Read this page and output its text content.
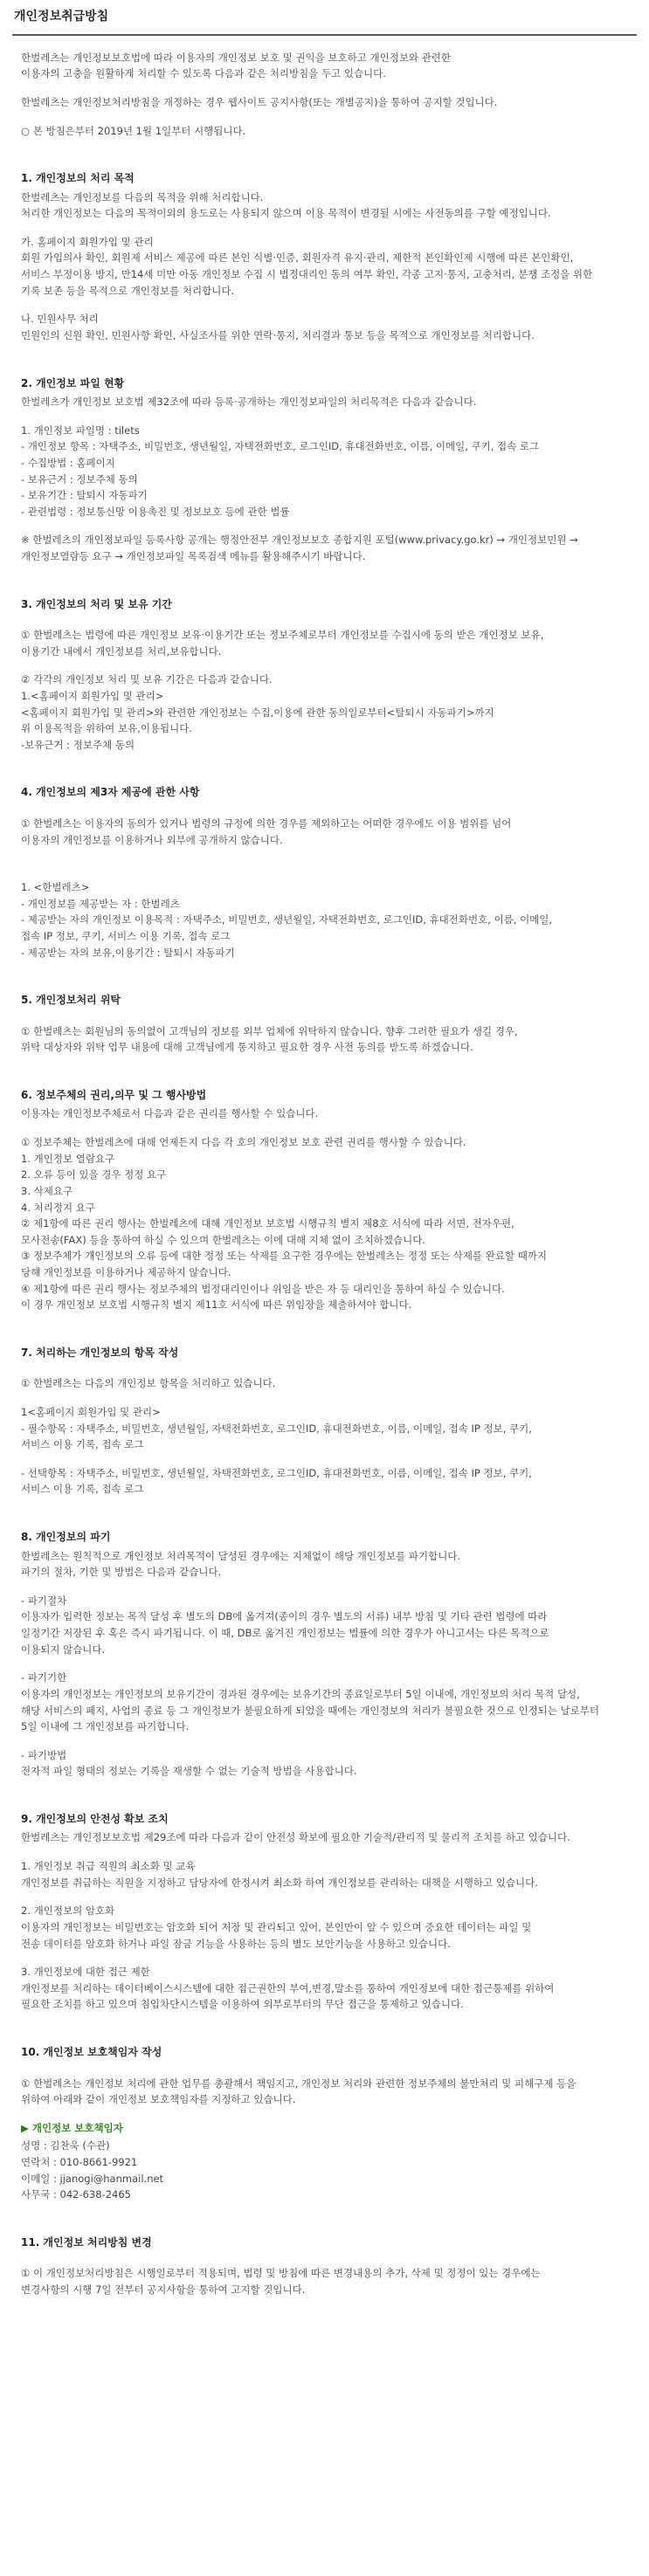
개인정보취급방침
한벌레츠는 개인정보보호법에 따라 이용자의 개인정보 보호 및 권익을 보호하고 개인정보와 관련한
이용자의 고충을 원활하게 처리할 수 있도록 다음과 같은 처리방침을 두고 있습니다.
한벌레츠는 개인정보처리방침을 개정하는 경우 웹사이트 공지사항(또는 개별공지)을 통하여 공지할 것입니다.
○ 본 방침은부터 2019년 1월 1일부터 시행됩니다.
1. 개인정보의 처리 목적
한벌레츠는 개인정보를 다음의 목적을 위해 처리합니다.
처리한 개인정보는 다음의 목적이외의 용도로는 사용되지 않으며 이용 목적이 변경될 시에는 사전동의를 구할 예정입니다.
가. 홈페이지 회원가입 및 관리
회원 가입의사 확인, 회원제 서비스 제공에 따른 본인 식별·인증, 회원자격 유지·관리, 제한적 본인확인제 시행에 따른 본인확인,
서비스 부정이용 방지, 만14세 미만 아동 개인정보 수집 시 법정대리인 동의 여부 확인, 각종 고지·통지, 고충처리, 분쟁 조정을 위한
기록 보존 등을 목적으로 개인정보를 처리합니다.
나. 민원사무 처리
민원인의 신원 확인, 민원사항 확인, 사실조사를 위한 연락·통지, 처리결과 통보 등을 목적으로 개인정보를 처리합니다.
2. 개인정보 파일 현황
한벌레츠가 개인정보 보호법 제32조에 따라 등록·공개하는 개인정보파일의 처리목적은 다음과 같습니다.
1. 개인정보 파일명 : tilets
- 개인정보 항목 : 자택주소, 비밀번호, 생년월일, 자택전화번호, 로그인ID, 휴대전화번호, 이름, 이메일, 쿠키, 접속 로그
- 수집방법 : 홈페이지
- 보유근거 : 정보주체 동의
- 보유기간 : 탈퇴시 자동파기
- 관련법령 : 정보통신망 이용촉진 및 정보보호 등에 관한 법률
※ 한벌레츠의 개인정보파일 등록사항 공개는 행정안전부 개인정보보호 종합지원 포털(www.privacy.go.kr) → 개인정보민원 →
개인정보열람등 요구 → 개인정보파일 목록검색 메뉴를 활용해주시기 바랍니다.
3. 개인정보의 처리 및 보유 기간
① 한벌레츠는 법령에 따른 개인정보 보유·이용기간 또는 정보주체로부터 개인정보를 수집시에 동의 받은 개인정보 보유,
이용기간 내에서 개인정보를 처리,보유합니다.
② 각각의 개인정보 처리 및 보유 기간은 다음과 같습니다.
1.<홈페이지 회원가입 및 관리>
<홈페이지 회원가입 및 관리>와 관련한 개인정보는 수집,이용에 관한 동의일로부터<탈퇴시 자동파기>까지
위 이용목적을 위하여 보유,이용됩니다.
-보유근거 : 정보주체 동의
4. 개인정보의 제3자 제공에 관한 사항
① 한벌레츠는 이용자의 동의가 있거나 법령의 규정에 의한 경우를 제외하고는 어떠한 경우에도 이용 범위를 넘어
이용자의 개인정보를 이용하거나 외부에 공개하지 않습니다.
1. <한벌레츠>
- 개인정보를 제공받는 자 : 한벌레츠
- 제공받는 자의 개인정보 이용목적 : 자택주소, 비밀번호, 생년월일, 자택전화번호, 로그인ID, 휴대전화번호, 이름, 이메일,
접속 IP 정보, 쿠키, 서비스 이용 기록, 접속 로그
- 제공받는 자의 보유,이용기간 : 탈퇴시 자동파기
5. 개인정보처리 위탁
① 한벌레츠는 회원님의 동의없이 고객님의 정보를 외부 업체에 위탁하지 않습니다. 향후 그러한 필요가 생길 경우,
위탁 대상자와 위탁 업무 내용에 대해 고객님에게 통지하고 필요한 경우 사전 동의를 받도록 하겠습니다.
6. 정보주체의 권리,의무 및 그 행사방법
이용자는 개인정보주체로서 다음과 같은 권리를 행사할 수 있습니다.
① 정보주체는 한벌레츠에 대해 언제든지 다음 각 호의 개인정보 보호 관련 권리를 행사할 수 있습니다.
1. 개인정보 열람요구
2. 오류 등이 있을 경우 정정 요구
3. 삭제요구
4. 처리정지 요구
② 제1항에 따른 권리 행사는 한벌레츠에 대해 개인정보 보호법 시행규칙 별지 제8호 서식에 따라 서면, 전자우편,
모사전송(FAX) 등을 통하여 하실 수 있으며 한벌레츠는 이에 대해 지체 없이 조치하겠습니다.
③ 정보주체가 개인정보의 오류 등에 대한 정정 또는 삭제를 요구한 경우에는 한벌레츠는 정정 또는 삭제를 완료할 때까지
당해 개인정보를 이용하거나 제공하지 않습니다.
④ 제1항에 따른 권리 행사는 정보주체의 법정대리인이나 위임을 받은 자 등 대리인을 통하여 하실 수 있습니다.
이 경우 개인정보 보호법 시행규칙 별지 제11호 서식에 따른 위임장을 제출하셔야 합니다.
7. 처리하는 개인정보의 항목 작성
① 한벌레츠는 다음의 개인정보 항목을 처리하고 있습니다.
1<홈페이지 회원가입 및 관리>
- 필수항목 : 자택주소, 비밀번호, 생년월일, 자택전화번호, 로그인ID, 휴대전화번호, 이름, 이메일, 접속 IP 정보, 쿠키,
서비스 이용 기록, 접속 로그
- 선택항목 : 자택주소, 비밀번호, 생년월일, 자택전화번호, 로그인ID, 휴대전화번호, 이름, 이메일, 접속 IP 정보, 쿠키,
서비스 이용 기록, 접속 로그
8. 개인정보의 파기
한벌레츠는 원칙적으로 개인정보 처리목적이 달성된 경우에는 지체없이 해당 개인정보를 파기합니다.
파기의 절차, 기한 및 방법은 다음과 같습니다.
- 파기절차
이용자가 입력한 정보는 목적 달성 후 별도의 DB에 옮겨져(종이의 경우 별도의 서류) 내부 방침 및 기타 관련 법령에 따라
일정기간 저장된 후 혹은 즉시 파기됩니다. 이 때, DB로 옮겨진 개인정보는 법률에 의한 경우가 아니고서는 다른 목적으로
이용되지 않습니다.
- 파기기한
이용자의 개인정보는 개인정보의 보유기간이 경과된 경우에는 보유기간의 종료일로부터 5일 이내에, 개인정보의 처리 목적 달성,
해당 서비스의 폐지, 사업의 종료 등 그 개인정보가 불필요하게 되었을 때에는 개인정보의 처리가 불필요한 것으로 인정되는 날로부터
5일 이내에 그 개인정보를 파기합니다.
- 파기방법
전자적 파일 형태의 정보는 기록을 재생할 수 없는 기술적 방법을 사용합니다.
9. 개인정보의 안전성 확보 조치
한벌레츠는 개인정보보호법 제29조에 따라 다음과 같이 안전성 확보에 필요한 기술적/관리적 및 물리적 조치를 하고 있습니다.
1. 개인정보 취급 직원의 최소화 및 교육
개인정보를 취급하는 직원을 지정하고 담당자에 한정시켜 최소화 하여 개인정보를 관리하는 대책을 시행하고 있습니다.
2. 개인정보의 암호화
이용자의 개인정보는 비밀번호는 암호화 되어 저장 및 관리되고 있어, 본인만이 알 수 있으며 중요한 데이터는 파일 및
전송 데이터를 암호화 하거나 파일 잠금 기능을 사용하는 등의 별도 보안기능을 사용하고 있습니다.
3. 개인정보에 대한 접근 제한
개인정보를 처리하는 데이터베이스시스템에 대한 접근권한의 부여,변경,말소를 통하여 개인정보에 대한 접근통제를 위하여
필요한 조치를 하고 있으며 침입차단시스템을 이용하여 외부로부터의 무단 접근을 통제하고 있습니다.
10. 개인정보 보호책임자 작성
① 한벌레츠는 개인정보 처리에 관한 업무를 총괄해서 책임지고, 개인정보 처리와 관련한 정보주체의 불만처리 및 피해구제 등을
위하여 아래와 같이 개인정보 보호책임자를 지정하고 있습니다.
▶ 개인정보 보호책임자
성명 : 김찬욱 (수관)
연락처 : 010-8661-9921
이메일 : jjanogi@hanmail.net
사무국 : 042-638-2465
11. 개인정보 처리방침 변경
① 이 개인정보처리방침은 시행일로부터 적용되며, 법령 및 방침에 따른 변경내용의 추가, 삭제 및 정정이 있는 경우에는
변경사항의 시행 7일 전부터 공지사항을 통하여 고지할 것입니다.
